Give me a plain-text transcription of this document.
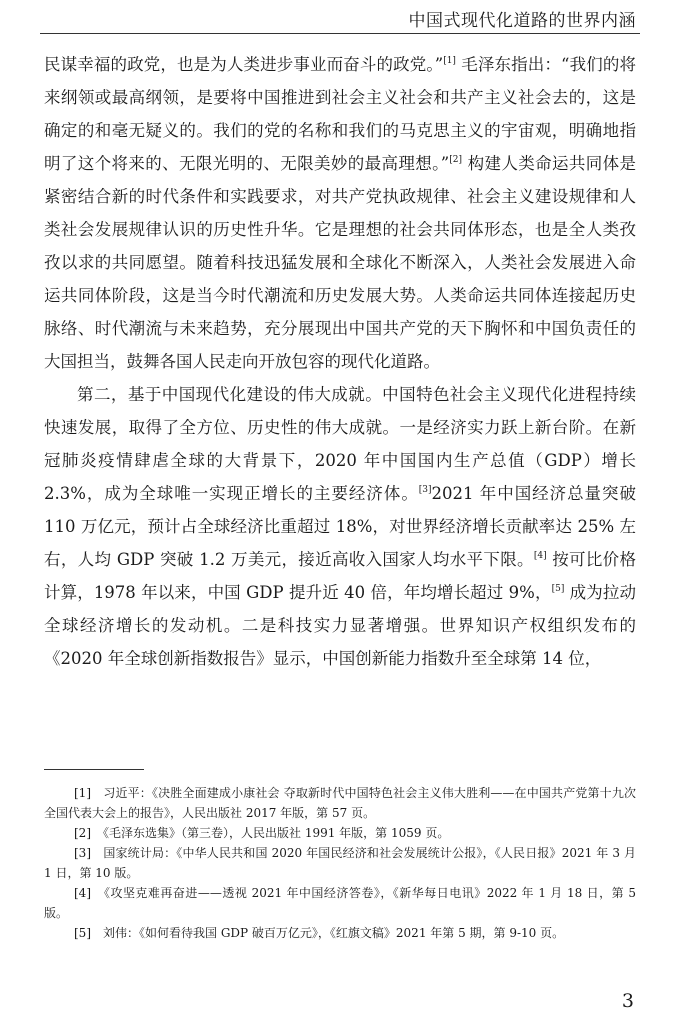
中国式现代化道路的世界内涵

民谋幸福的政党，也是为人类进步事业而奋斗的政党。”[1] 毛泽东指出：“我们的将来纲领或最高纲领，是要将中国推进到社会主义社会和共产主义社会去的，这是确定的和毫无疑义的。我们的党的名称和我们的马克思主义的宇宙观，明确地指明了这个将来的、无限光明的、无限美妙的最高理想。”[2] 构建人类命运共同体是紧密结合新的时代条件和实践要求，对共产党执政规律、社会主义建设规律和人类社会发展规律认识的历史性升华。它是理想的社会共同体形态，也是全人类孜孜以求的共同愿望。随着科技迅猛发展和全球化不断深入，人类社会发展进入命运共同体阶段，这是当今时代潮流和历史发展大势。人类命运共同体连接起历史脉络、时代潮流与未来趋势，充分展现出中国共产党的天下胸怀和中国负责任的大国担当，鼓舞各国人民走向开放包容的现代化道路。

第二，基于中国现代化建设的伟大成就。中国特色社会主义现代化进程持续快速发展，取得了全方位、历史性的伟大成就。一是经济实力跃上新台阶。在新冠肺炎疫情肆虐全球的大背景下，2020 年中国国内生产总值（GDP）增长 2.3%，成为全球唯一实现正增长的主要经济体。[3]2021 年中国经济总量突破 110 万亿元，预计占全球经济比重超过 18%，对世界经济增长贡献率达 25% 左右，人均 GDP 突破 1.2 万美元，接近高收入国家人均水平下限。[4] 按可比价格计算，1978 年以来，中国 GDP 提升近 40 倍，年均增长超过 9%，[5] 成为拉动全球经济增长的发动机。二是科技实力显著增强。世界知识产权组织发布的《2020 年全球创新指数报告》显示，中国创新能力指数升至全球第 14 位，

[1]　习近平：《决胜全面建成小康社会 夺取新时代中国特色社会主义伟大胜利——在中国共产党第十九次全国代表大会上的报告》，人民出版社 2017 年版，第 57 页。

[2]　《毛泽东选集》（第三卷），人民出版社 1991 年版，第 1059 页。

[3]　国家统计局：《中华人民共和国 2020 年国民经济和社会发展统计公报》，《人民日报》2021 年 3 月 1 日，第 10 版。

[4]　《攻坚克难再奋进——透视 2021 年中国经济答卷》，《新华每日电讯》2022 年 1 月 18 日，第 5 版。

[5]　刘伟：《如何看待我国 GDP 破百万亿元》，《红旗文稿》2021 年第 5 期，第 9-10 页。

3
